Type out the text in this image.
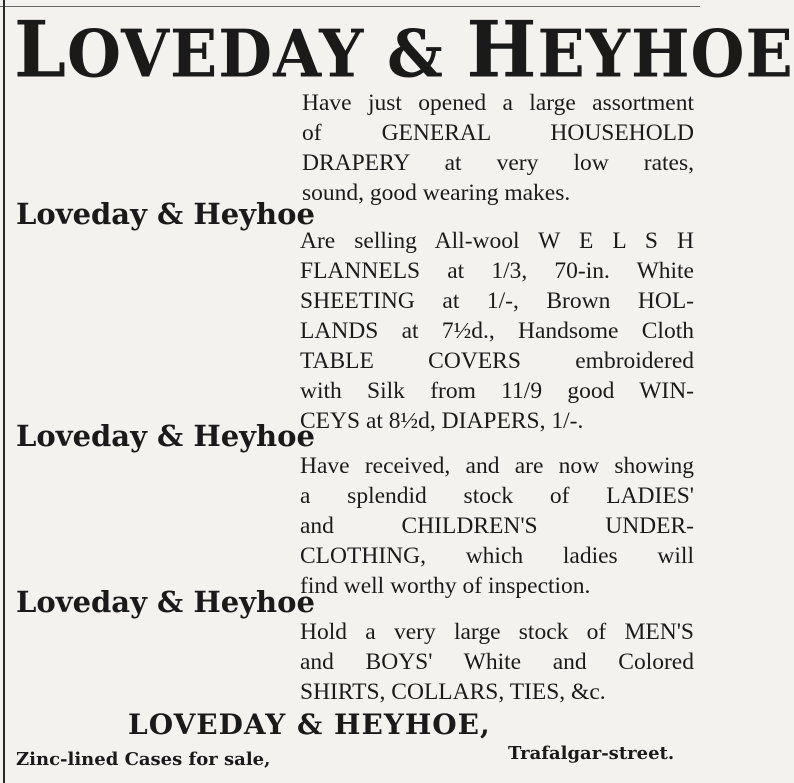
LOVEDAY & HEYHOE
Have just opened a large assortment
of GENERAL HOUSEHOLD
DRAPERY at very low rates,
sound, good wearing makes.
Loveday & Heyhoe
Are selling All-wool W E L S H
FLANNELS at 1/3, 70-in. White
SHEETING at 1/-, Brown HOL-
LANDS at 7½d., Handsome Cloth
TABLE COVERS embroidered
with Silk from 11/9 good WIN-
CEYS at 8½d, DIAPERS, 1/-.
Loveday & Heyhoe
Have received, and are now showing
a splendid stock of LADIES'
and CHILDREN'S UNDER-
CLOTHING, which ladies will
find well worthy of inspection.
Loveday & Heyhoe
Hold a very large stock of MEN'S
and BOYS' White and Colored
SHIRTS, COLLARS, TIES, &c.
LOVEDAY & HEYHOE,
Zinc-lined Cases for sale,	Trafalgar-street.
